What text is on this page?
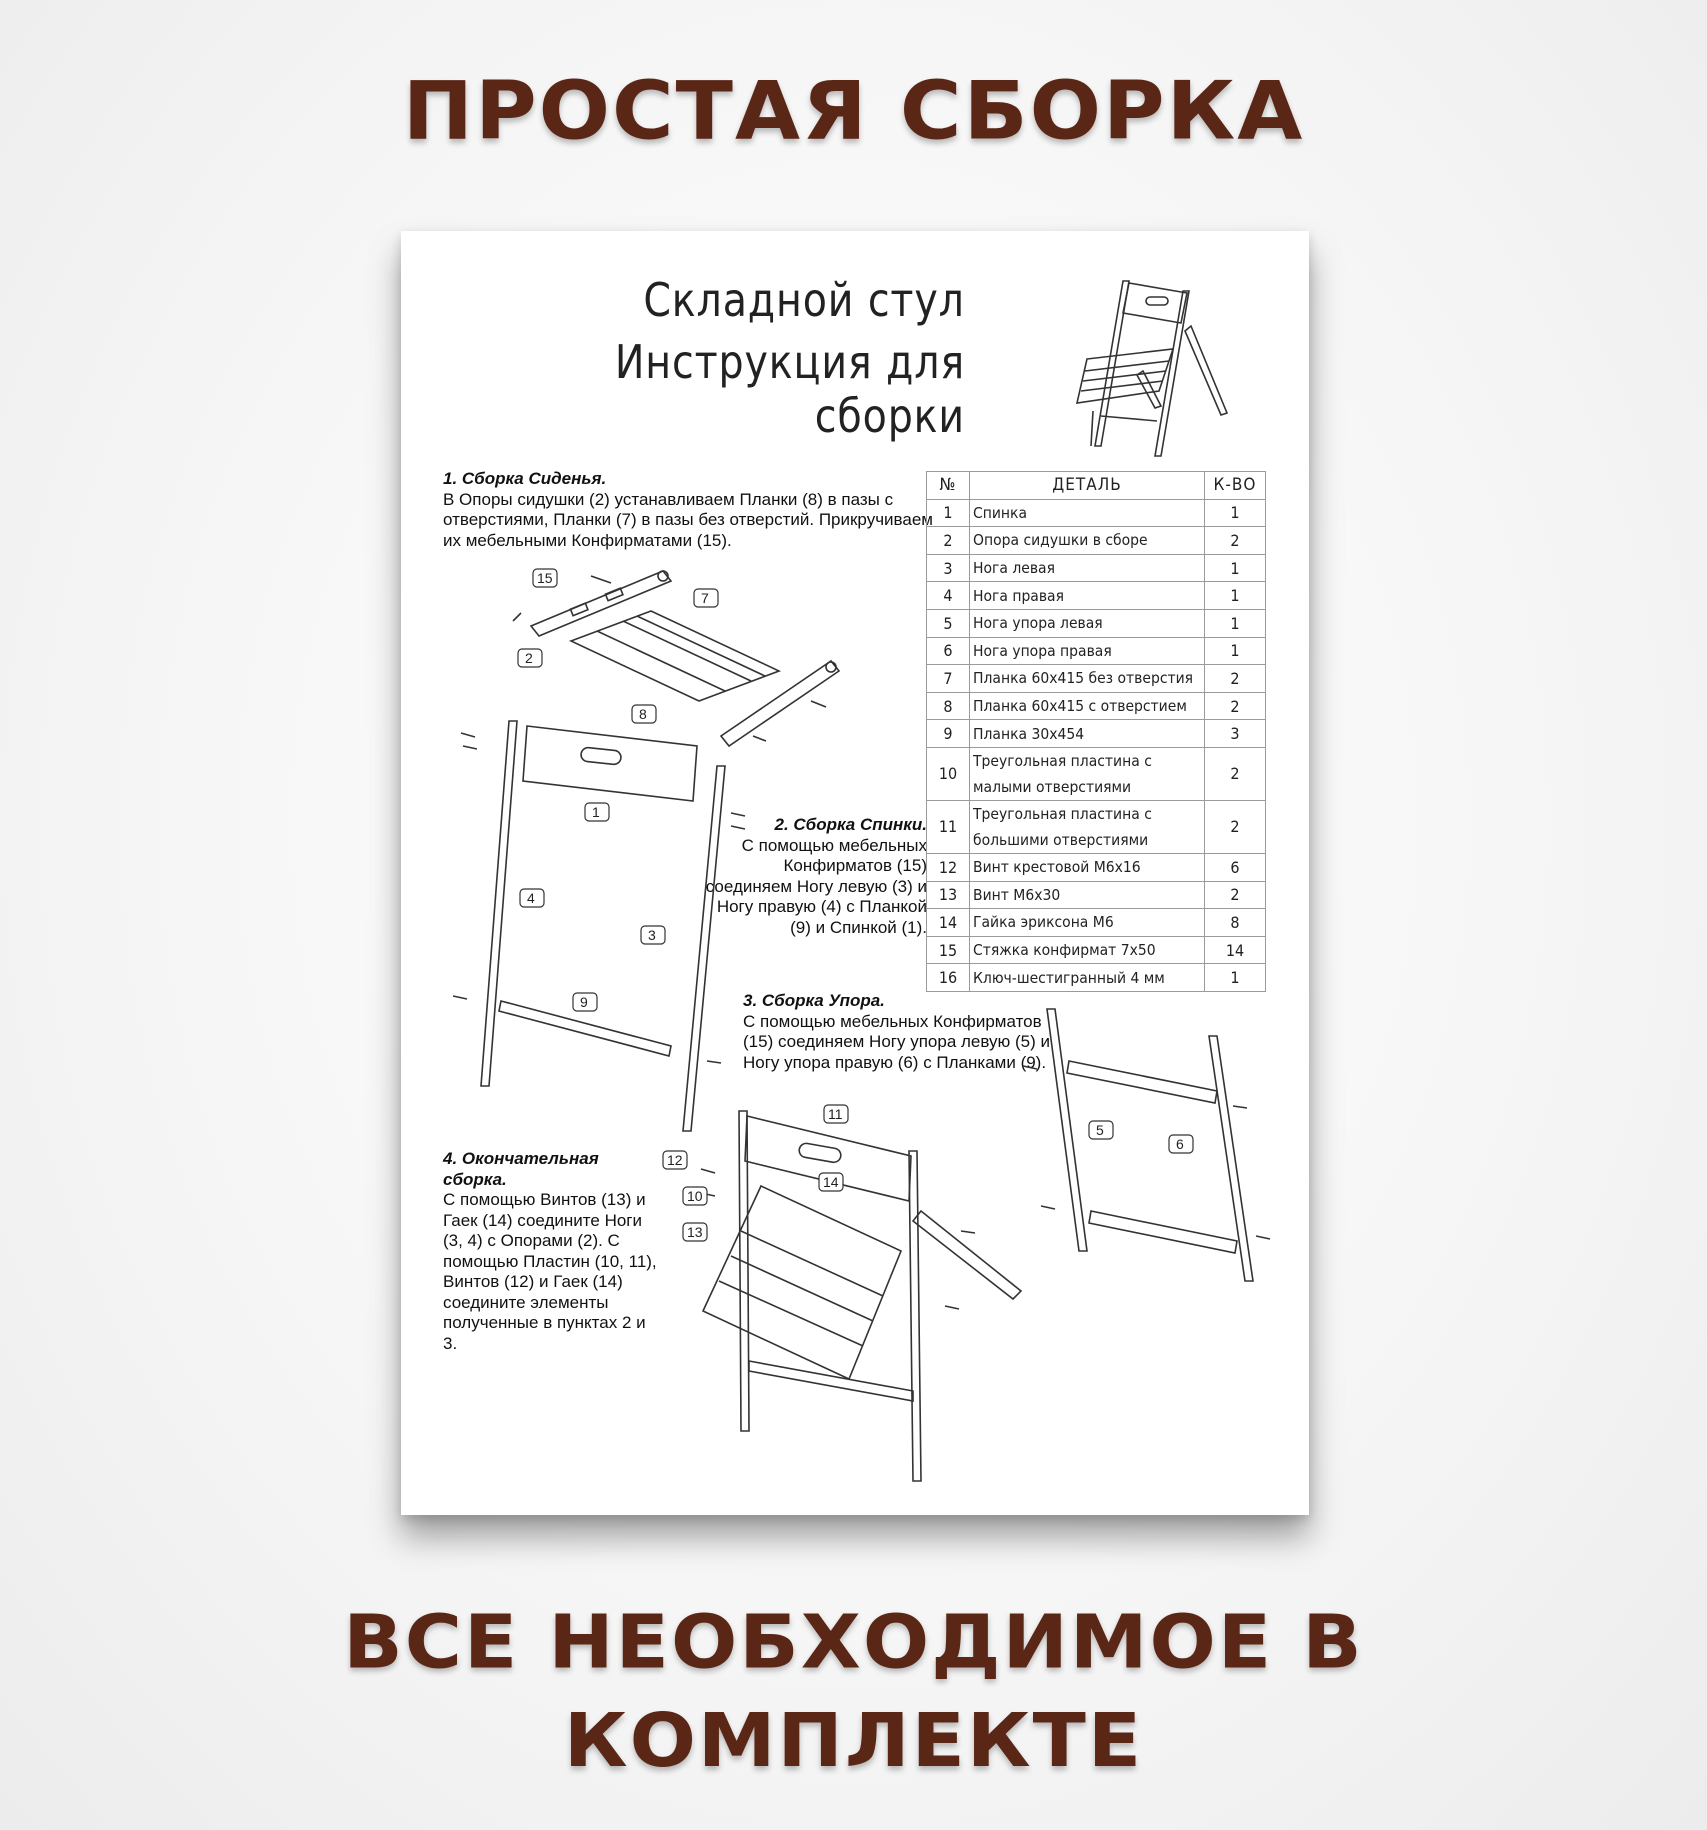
ПРОСТАЯ СБОРКА
Складной стул
Инструкция для сборки
1. Сборка Сиденья.
В Опоры сидушки (2) устанавливаем Планки (8) в пазы с отверстиями, Планки (7) в пазы без отверстий. Прикручиваем их мебельными Конфирматами (15).
2. Сборка Спинки.
С помощью мебельных Конфирматов (15) соединяем Ногу левую (3) и Ногу правую (4) с Планкой (9) и Спинкой (1).
3. Сборка Упора.
С помощью мебельных Конфирматов (15) соединяем Ногу упора левую (5) и Ногу упора правую (6) с Планками (9).
4. Окончательная сборка.
С помощью Винтов (13) и Гаек (14) соедините Ноги (3, 4) с Опорами (2). С помощью Пластин (10, 11), Винтов (12) и Гаек (14) соедините элементы полученные в пунктах 2 и 3.
№	ДЕТАЛЬ	К-ВО
1	Спинка	1
2	Опора сидушки в сборе	2
3	Нога левая	1
4	Нога правая	1
5	Нога упора левая	1
6	Нога упора правая	1
7	Планка 60х415 без отверстия	2
8	Планка 60х415 с отверстием	2
9	Планка 30х454	3
10	Треугольная пластина с малыми отверстиями	2
11	Треугольная пластина с большими отверстиями	2
12	Винт крестовой М6х16	6
13	Винт М6х30	2
14	Гайка эриксона М6	8
15	Стяжка конфирмат 7х50	14
16	Ключ-шестигранный 4 мм	1
15
2
7
8
1
4
3
9
11
12
10
14
13
5
6
ВСЕ НЕОБХОДИМОЕ В
КОМПЛЕКТЕ
